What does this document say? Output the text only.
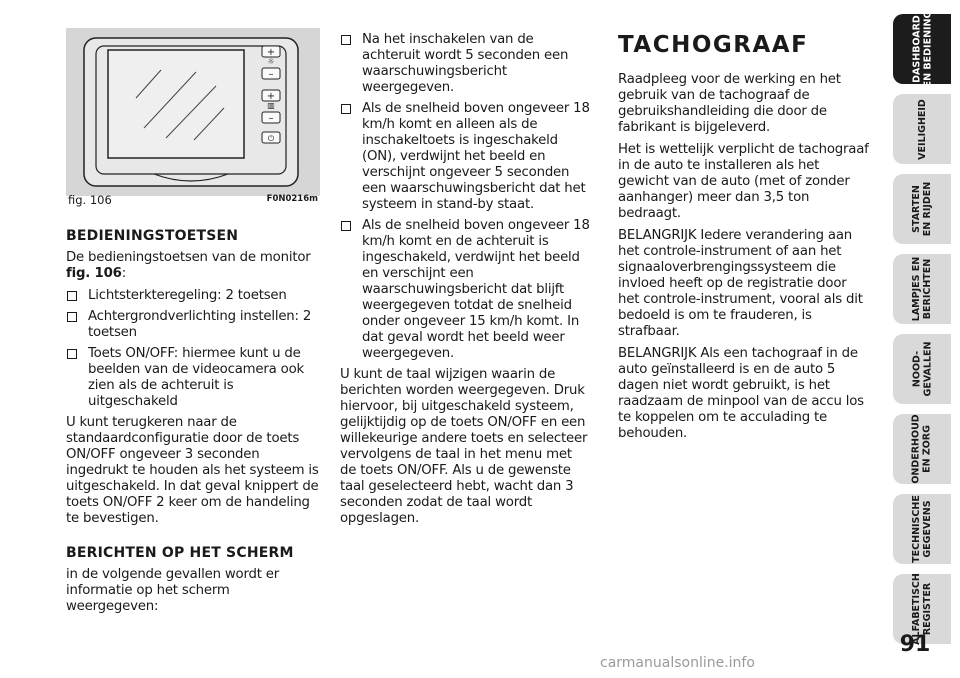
+
☼
–
+
▥
–
⏻
fig. 106	F0N0216m
BEDIENINGSTOETSEN

De bedieningstoetsen van de monitor fig. 106:

Lichtsterkteregeling: 2 toetsen
Achtergrondverlichting instellen: 2 toetsen
Toets ON/OFF: hiermee kunt u de beelden van de videocamera ook zien als de achteruit is uitgeschakeld

U kunt terugkeren naar de standaardconfiguratie door de toets ON/OFF ongeveer 3 seconden ingedrukt te houden als het systeem is uitgeschakeld. In dat geval knippert de toets ON/OFF 2 keer om de handeling te bevestigen.

BERICHTEN OP HET SCHERM

in de volgende gevallen wordt er informatie op het scherm weergegeven:

Na het inschakelen van de achteruit wordt 5 seconden een waarschuwingsbericht weergegeven.
Als de snelheid boven ongeveer 18 km/h komt en alleen als de inschakeltoets is ingeschakeld (ON), verdwijnt het beeld en verschijnt ongeveer 5 seconden een waarschuwingsbericht dat het systeem in stand-by staat.
Als de snelheid boven ongeveer 18 km/h komt en de achteruit is ingeschakeld, verdwijnt het beeld en verschijnt een waarschuwingsbericht dat blijft weergegeven totdat de snelheid onder ongeveer 15 km/h komt. In dat geval wordt het beeld weer weergegeven.

U kunt de taal wijzigen waarin de berichten worden weergegeven. Druk hiervoor, bij uitgeschakeld systeem, gelijktijdig op de toets ON/OFF en een willekeurige andere toets en selecteer vervolgens de taal in het menu met de toets ON/OFF. Als u de gewenste taal geselecteerd hebt, wacht dan 3 seconden zodat de taal wordt opgeslagen.

TACHOGRAAF

Raadpleeg voor de werking en het gebruik van de tachograaf de gebruikshandleiding die door de fabrikant is bijgeleverd.

Het is wettelijk verplicht de tachograaf in de auto te installeren als het gewicht van de auto (met of zonder aanhanger) meer dan 3,5 ton bedraagt.

BELANGRIJK Iedere verandering aan het controle-instrument of aan het signaaloverbrengingssysteem die invloed heeft op de registratie door het controle-instrument, vooral als dit bedoeld is om te frauderen, is strafbaar.

BELANGRIJK Als een tachograaf in de auto geïnstalleerd is en de auto 5 dagen niet wordt gebruikt, is het raadzaam de minpool van de accu los te koppelen om te acculading te behouden.

DASHBOARD
EN BEDIENING
VEILIGHEID

STARTEN
EN RIJDEN
LAMPJES EN
BERICHTEN
NOOD-
GEVALLEN
ONDERHOUD
EN ZORG
TECHNISCHE
GEGEVENS
ALFABETISCH
REGISTER
91
carmanualsonline.info
